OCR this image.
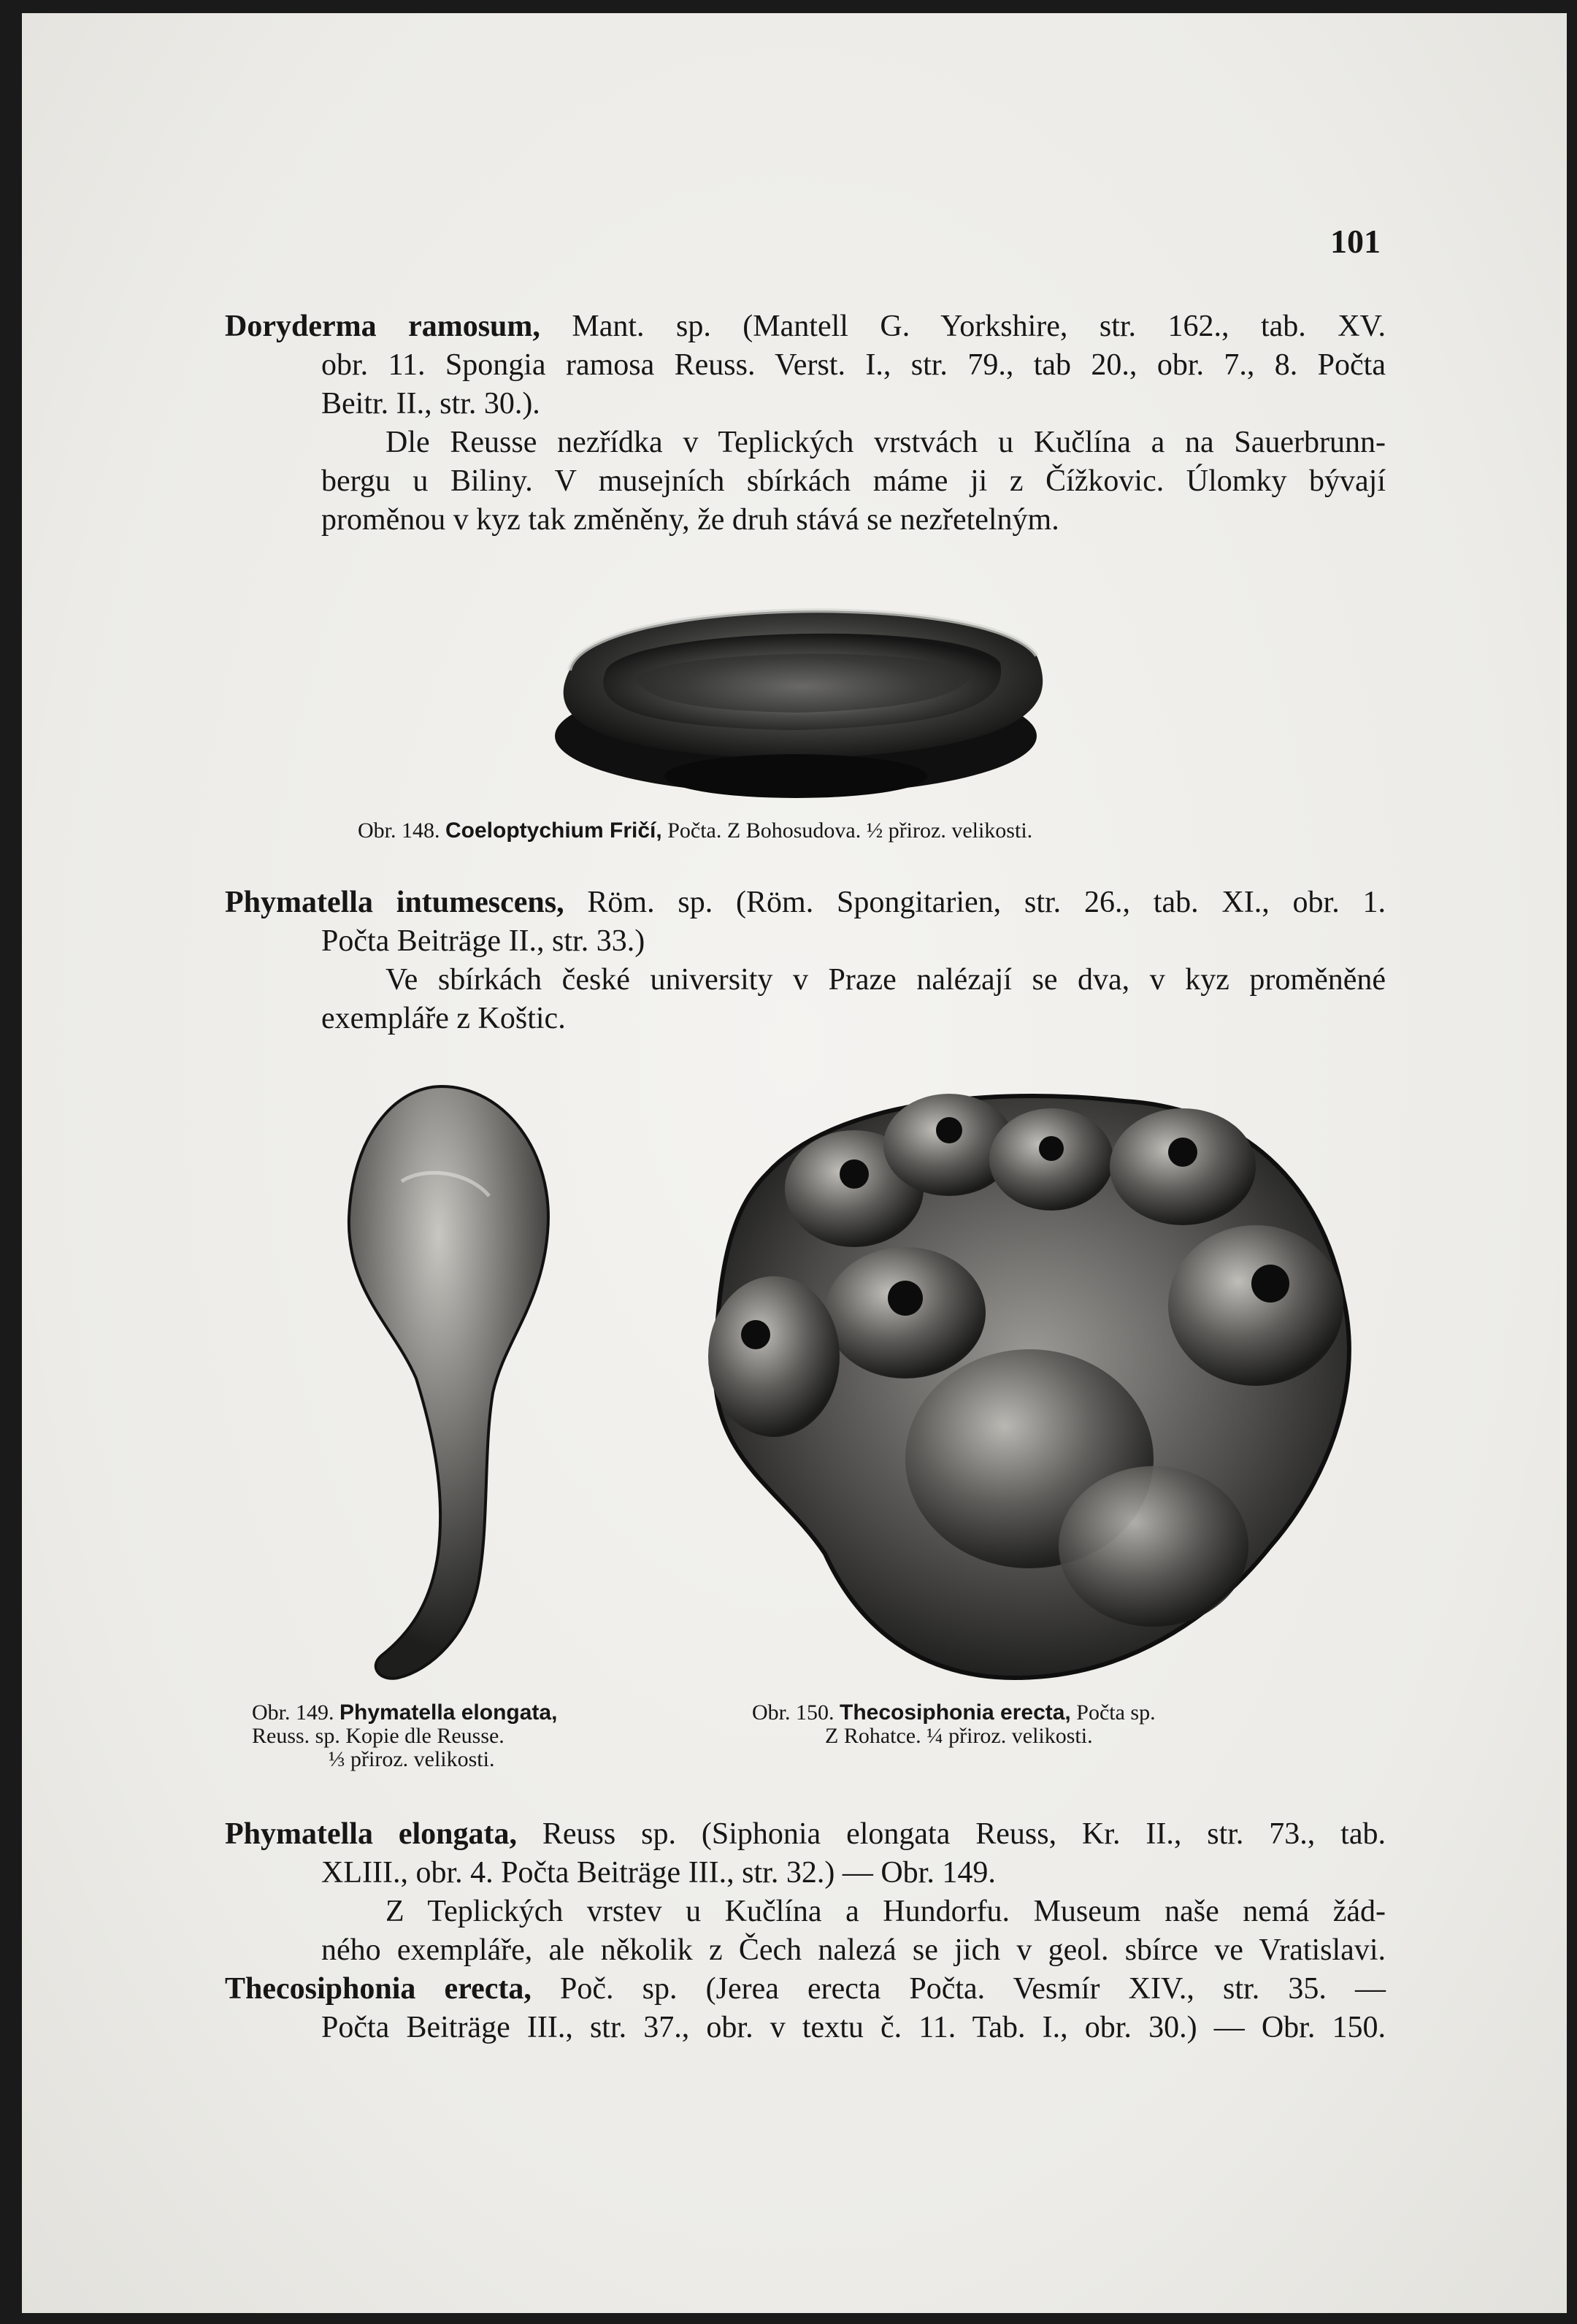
101
Doryderma ramosum, Mant. sp. (Mantell G. Yorkshire, str. 162., tab. XV.
obr. 11. Spongia ramosa Reuss. Verst. I., str. 79., tab 20., obr. 7., 8. Počta
Beitr. II., str. 30.).
Dle Reusse nezřídka v Teplických vrstvách u Kučlína a na Sauerbrunn-
bergu u Biliny. V musejních sbírkách máme ji z Čížkovic. Úlomky bývají
proměnou v kyz tak změněny, že druh stává se nezřetelným.
Obr. 148. Coeloptychium Fričí, Počta. Z Bohosudova. ½ přiroz. velikosti.
Phymatella intumescens, Röm. sp. (Röm. Spongitarien, str. 26., tab. XI., obr. 1.
Počta Beiträge II., str. 33.)
Ve sbírkách české university v Praze nalézají se dva, v kyz proměněné
exempláře z Koštic.
Obr. 149. Phymatella elongata,
Reuss. sp. Kopie dle Reusse.
⅓ přiroz. velikosti.
Obr. 150. Thecosiphonia erecta, Počta sp.
Z Rohatce. ¼ přiroz. velikosti.
Phymatella elongata, Reuss sp. (Siphonia elongata Reuss, Kr. II., str. 73., tab.
XLIII., obr. 4. Počta Beiträge III., str. 32.) — Obr. 149.
Z Teplických vrstev u Kučlína a Hundorfu. Museum naše nemá žád-
ného exempláře, ale několik z Čech nalezá se jich v geol. sbírce ve Vratislavi.
Thecosiphonia erecta, Poč. sp. (Jerea erecta Počta. Vesmír XIV., str. 35. —
Počta Beiträge III., str. 37., obr. v textu č. 11. Tab. I., obr. 30.) — Obr. 150.
